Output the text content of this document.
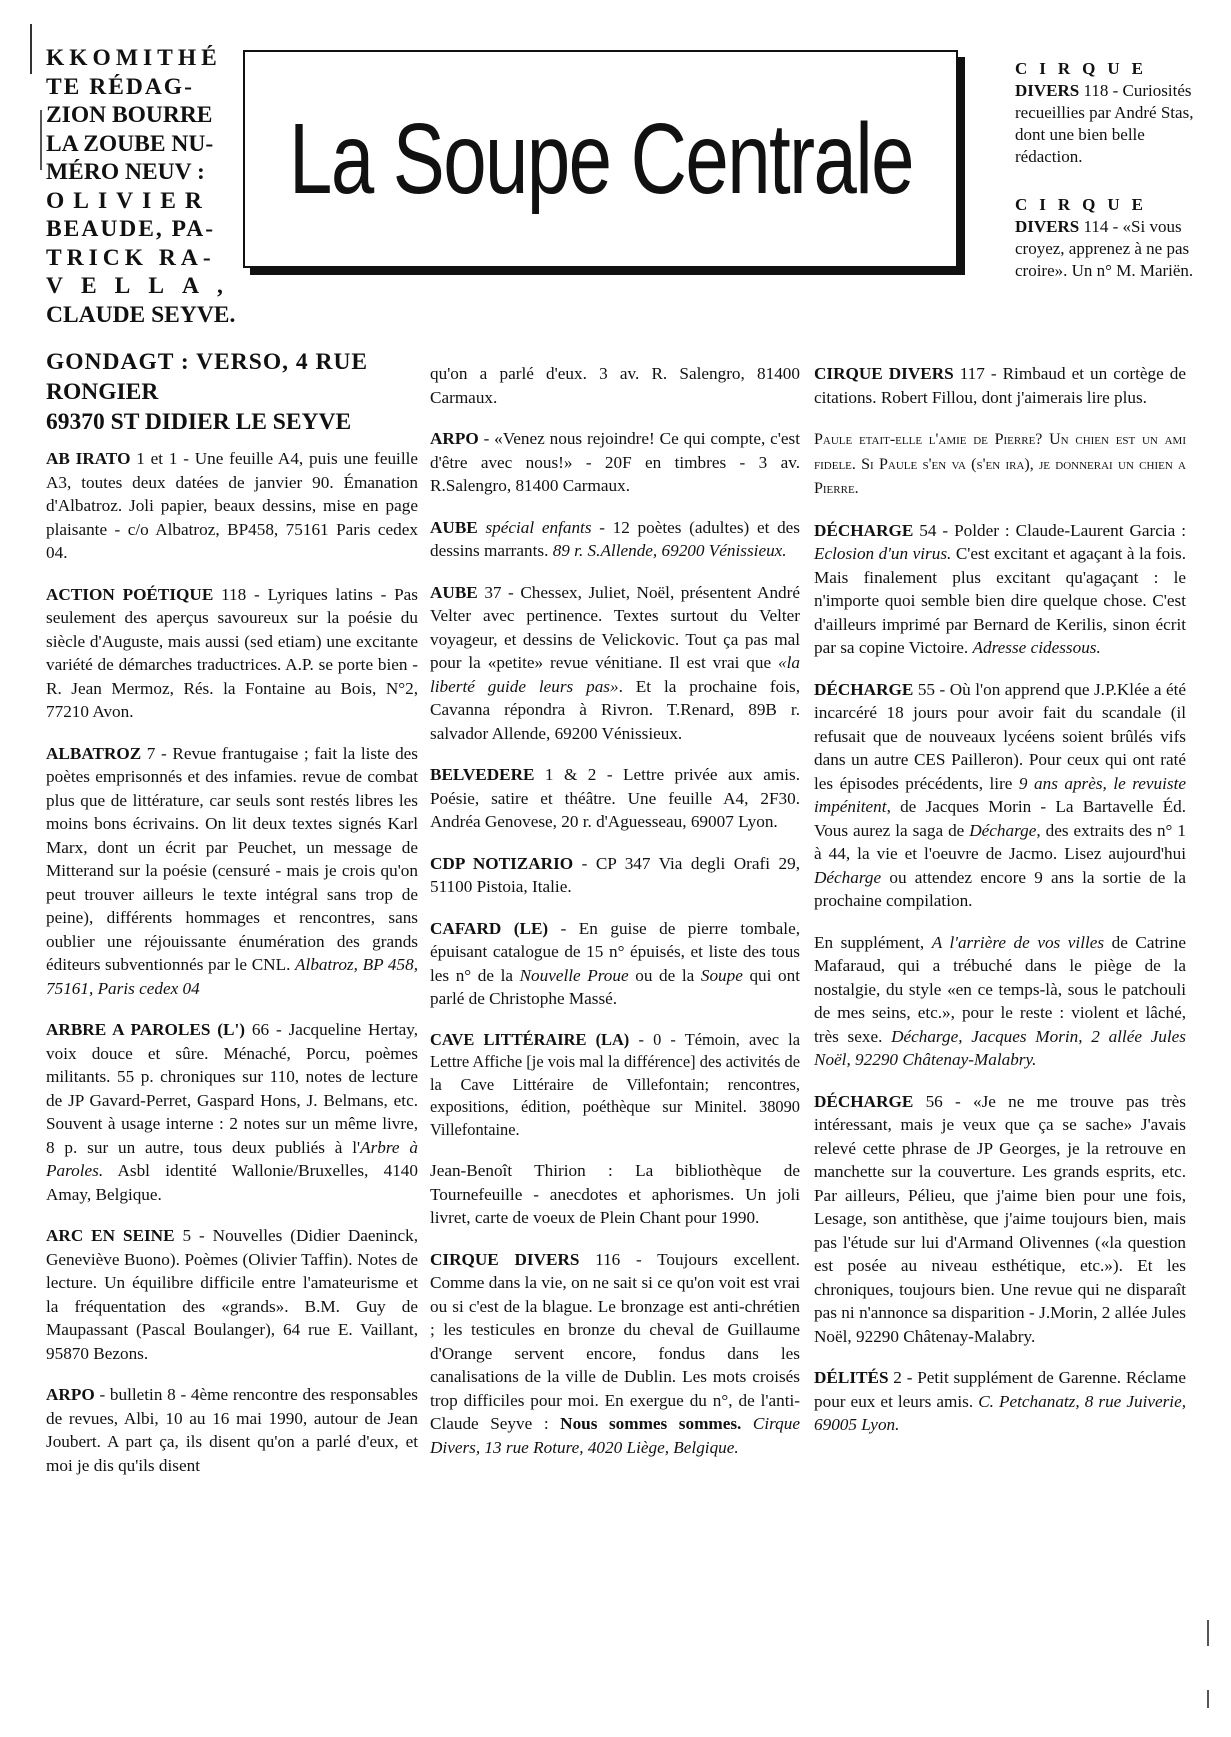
KKOMITHÉ
TE RÉDAG-
ZION BOURRE
LA ZOUBE NU-
MÉRO NEUV :
OLIVIER
BEAUDE, PA-
TRICK RA-
VELLA,
CLAUDE SEYVE.
GONDAGT : VERSO, 4 RUE
RONGIER
69370 ST DIDIER LE SEYVE
La Soupe Centrale
CIRQUE
DIVERS 118 - Curiosités recueillies par André Stas, dont une bien belle rédaction.
CIRQUE
DIVERS 114 - «Si vous croyez, apprenez à ne pas croire». Un n° M. Mariën.

AB IRATO 1 et 1 - Une feuille A4, puis une feuille A3, toutes deux datées de janvier 90. Émanation d'Albatroz. Joli papier, beaux dessins, mise en page plaisante - c/o Albatroz, BP458, 75161 Paris cedex 04.

ACTION POÉTIQUE 118 - Lyriques latins - Pas seulement des aperçus savoureux sur la poésie du siècle d'Auguste, mais aussi (sed etiam) une excitante variété de démarches traductrices. A.P. se porte bien - R. Jean Mermoz, Rés. la Fontaine au Bois, N°2, 77210 Avon.

ALBATROZ 7 - Revue frantugaise ; fait la liste des poètes emprisonnés et des infamies. revue de combat plus que de littérature, car seuls sont restés libres les moins bons écrivains. On lit deux textes signés Karl Marx, dont un écrit par Peuchet, un message de Mitterand sur la poésie (censuré - mais je crois qu'on peut trouver ailleurs le texte intégral sans trop de peine), différents hommages et rencontres, sans oublier une réjouissante énumération des grands éditeurs subventionnés par le CNL. Albatroz, BP 458, 75161, Paris cedex 04

ARBRE A PAROLES (L') 66 - Jacqueline Hertay, voix douce et sûre. Ménaché, Porcu, poèmes militants. 55 p. chroniques sur 110, notes de lecture de JP Gavard-Perret, Gaspard Hons, J. Belmans, etc. Souvent à usage interne : 2 notes sur un même livre, 8 p. sur un autre, tous deux publiés à l'Arbre à Paroles. Asbl identité Wallonie/Bruxelles, 4140 Amay, Belgique.

ARC EN SEINE 5 - Nouvelles (Didier Daeninck, Geneviève Buono). Poèmes (Olivier Taffin). Notes de lecture. Un équilibre difficile entre l'amateurisme et la fréquentation des «grands». B.M. Guy de Maupassant (Pascal Boulanger), 64 rue E. Vaillant, 95870 Bezons.

ARPO - bulletin 8 - 4ème rencontre des responsables de revues, Albi, 10 au 16 mai 1990, autour de Jean Joubert. A part ça, ils disent qu'on a parlé d'eux, et moi je dis qu'ils disent

qu'on a parlé d'eux. 3 av. R. Salengro, 81400 Carmaux.

ARPO - «Venez nous rejoindre! Ce qui compte, c'est d'être avec nous!» - 20F en timbres - 3 av. R.Salengro, 81400 Carmaux.

AUBE spécial enfants - 12 poètes (adultes) et des dessins marrants. 89 r. S.Allende, 69200 Vénissieux.

AUBE 37 - Chessex, Juliet, Noël, présentent André Velter avec pertinence. Textes surtout du Velter voyageur, et dessins de Velickovic. Tout ça pas mal pour la «petite» revue vénitiane. Il est vrai que «la liberté guide leurs pas». Et la prochaine fois, Cavanna répondra à Rivron. T.Renard, 89B r. salvador Allende, 69200 Vénissieux.

BELVEDERE 1 & 2 - Lettre privée aux amis. Poésie, satire et théâtre. Une feuille A4, 2F30. Andréa Genovese, 20 r. d'Aguesseau, 69007 Lyon.

CDP NOTIZARIO - CP 347 Via degli Orafi 29, 51100 Pistoia, Italie.

CAFARD (LE) - En guise de pierre tombale, épuisant catalogue de 15 n° épuisés, et liste des tous les n° de la Nouvelle Proue ou de la Soupe qui ont parlé de Christophe Massé.

CAVE LITTÉRAIRE (LA) - 0 - Témoin, avec la Lettre Affiche [je vois mal la différence] des activités de la Cave Littéraire de Villefontain; rencontres, expositions, édition, poéthèque sur Minitel. 38090 Villefontaine.

Jean-Benoît Thirion : La bibliothèque de Tournefeuille - anecdotes et aphorismes. Un joli livret, carte de voeux de Plein Chant pour 1990.

CIRQUE DIVERS 116 - Toujours excellent. Comme dans la vie, on ne sait si ce qu'on voit est vrai ou si c'est de la blague. Le bronzage est anti-chrétien ; les testicules en bronze du cheval de Guillaume d'Orange servent encore, fondus dans les canalisations de la ville de Dublin. Les mots croisés trop difficiles pour moi. En exergue du n°, de l'anti-Claude Seyve : Nous sommes sommes. Cirque Divers, 13 rue Roture, 4020 Liège, Belgique.

CIRQUE DIVERS 117 - Rimbaud et un cortège de citations. Robert Fillou, dont j'aimerais lire plus.

Paule etait-elle l'amie de Pierre? Un chien est un ami fidele. Si Paule s'en va (s'en ira), je donnerai un chien a Pierre.

DÉCHARGE 54 - Polder : Claude-Laurent Garcia : Eclosion d'un virus. C'est excitant et agaçant à la fois. Mais finalement plus excitant qu'agaçant : le n'importe quoi semble bien dire quelque chose. C'est d'ailleurs imprimé par Bernard de Kerilis, sinon écrit par sa copine Victoire. Adresse cidessous.

DÉCHARGE 55 - Où l'on apprend que J.P.Klée a été incarcéré 18 jours pour avoir fait du scandale (il refusait que de nouveaux lycéens soient brûlés vifs dans un autre CES Pailleron). Pour ceux qui ont raté les épisodes précédents, lire 9 ans après, le revuiste impénitent, de Jacques Morin - La Bartavelle Éd. Vous aurez la saga de Décharge, des extraits des n° 1 à 44, la vie et l'oeuvre de Jacmo. Lisez aujourd'hui Décharge ou attendez encore 9 ans la sortie de la prochaine compilation.

En supplément, A l'arrière de vos villes de Catrine Mafaraud, qui a trébuché dans le piège de la nostalgie, du style «en ce temps-là, sous le patchouli de mes seins, etc.», pour le reste : violent et lâché, très sexe. Décharge, Jacques Morin, 2 allée Jules Noël, 92290 Châtenay-Malabry.

DÉCHARGE 56 - «Je ne me trouve pas très intéressant, mais je veux que ça se sache» J'avais relevé cette phrase de JP Georges, je la retrouve en manchette sur la couverture. Les grands esprits, etc. Par ailleurs, Pélieu, que j'aime bien pour une fois, Lesage, son antithèse, que j'aime toujours bien, mais pas l'étude sur lui d'Armand Olivennes («la question est posée au niveau esthétique, etc.»). Et les chroniques, toujours bien. Une revue qui ne disparaît pas ni n'annonce sa disparition - J.Morin, 2 allée Jules Noël, 92290 Châtenay-Malabry.

DÉLITÉS 2 - Petit supplément de Garenne. Réclame pour eux et leurs amis. C. Petchanatz, 8 rue Juiverie, 69005 Lyon.
